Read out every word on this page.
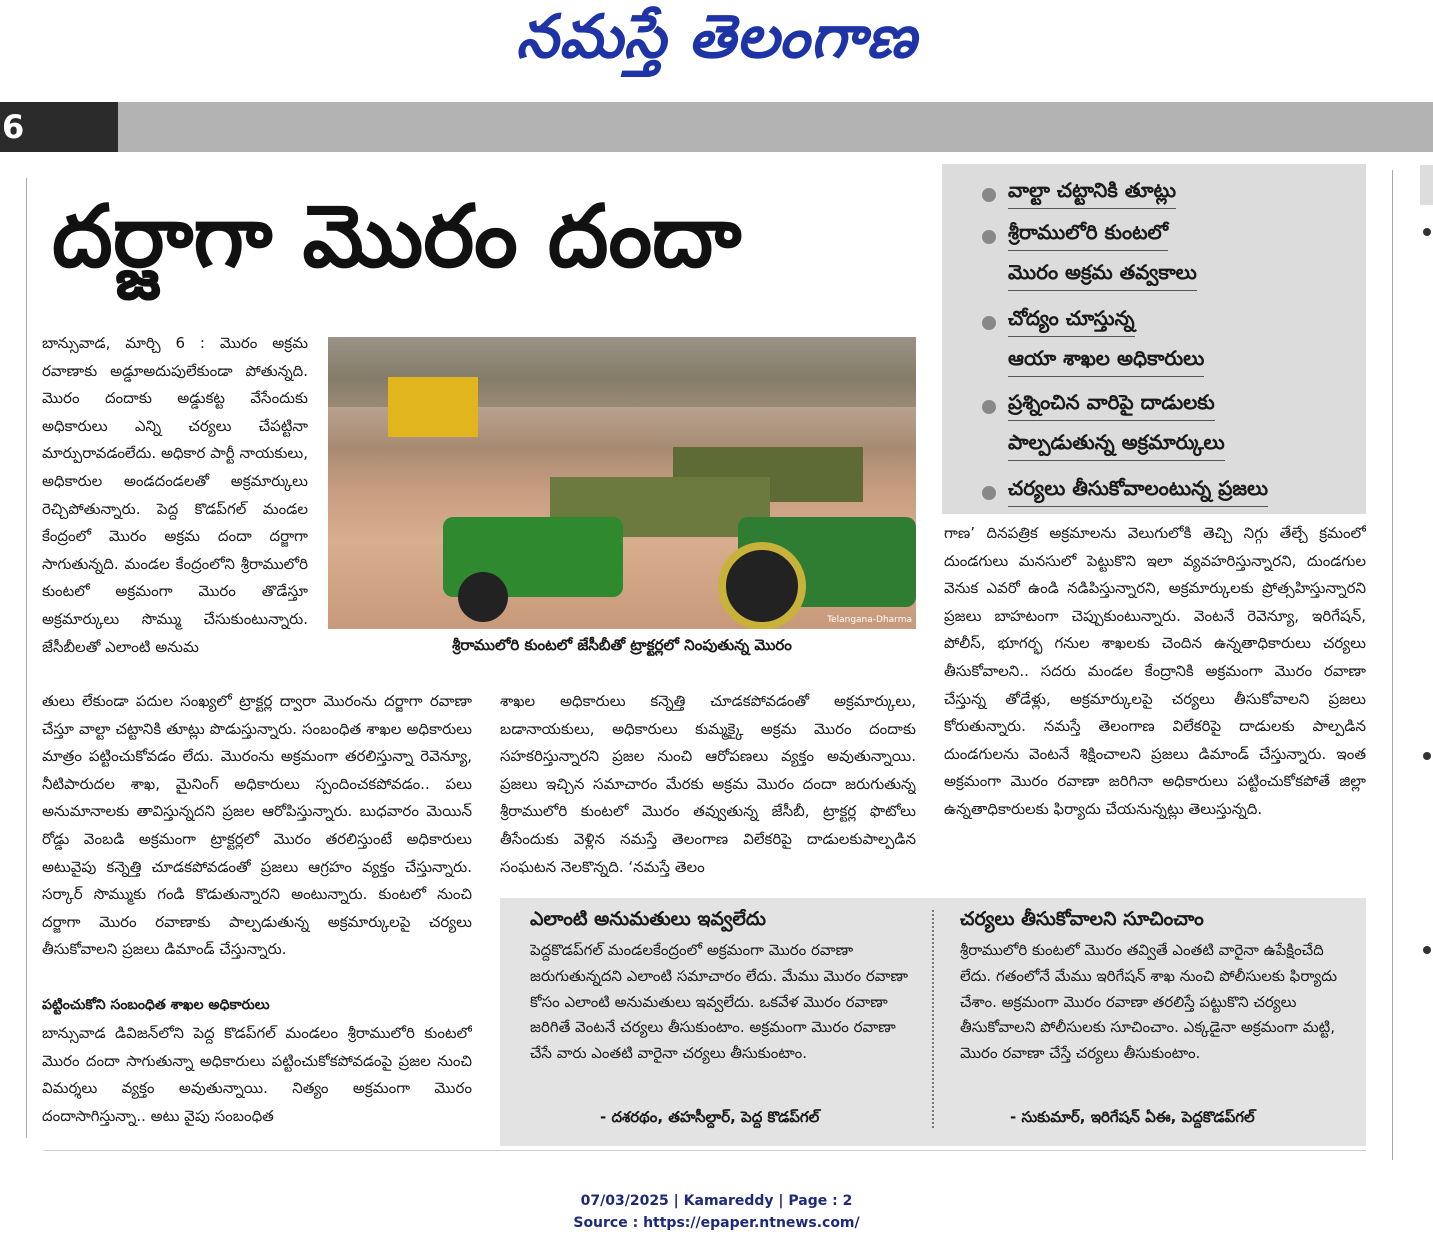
నమస్తే తెలంగాణ
6
దర్జాగా మొరం దందా

బాన్సువాడ, మార్చి 6 : మొరం అక్రమ రవాణాకు అడ్డూఅదుపులేకుండా పోతున్నది. మొరం దందాకు అడ్డుకట్ట వేసేందుకు అధికారులు ఎన్ని చర్యలు చేపట్టినా మార్పురావడంలేదు. అధికార పార్టీ నాయకులు, అధికారుల అండదండలతో అక్రమార్కులు రెచ్చిపోతున్నారు. పెద్ద కొడప్‌గల్ మండల కేంద్రంలో మొరం అక్రమ దందా దర్జాగా సాగుతున్నది. మండల కేంద్రంలోని శ్రీరాములోరి కుంటలో అక్రమంగా మొరం తొడేస్తూ అక్రమార్కులు సొమ్ము చేసుకుంటున్నారు. జేసీబీలతో ఎలాంటి అనుమ

Telangana-Dharma
శ్రీరాములోరి కుంటలో జేసీబీతో ట్రాక్టర్లలో నింపుతున్న మొరం

తులు లేకుండా పదుల సంఖ్యలో ట్రాక్టర్ల ద్వారా మొరంను దర్జాగా రవాణా చేస్తూ వాల్టా చట్టానికి తూట్లు పొడుస్తున్నారు. సంబంధిత శాఖల అధికారులు మాత్రం పట్టించుకోవడం లేదు. మొరంను అక్రమంగా తరలిస్తున్నా రెవెన్యూ, నీటిపారుదల శాఖ, మైనింగ్ అధికారులు స్పందించకపోవడం.. పలు అనుమానాలకు తావిస్తున్నదని ప్రజల ఆరోపిస్తున్నారు. బుధవారం మెయిన్ రోడ్డు వెంబడి అక్రమంగా ట్రాక్టర్లలో మొరం తరలిస్తుంటే అధికారులు అటువైపు కన్నెత్తి చూడకపోవడంతో ప్రజలు ఆగ్రహం వ్యక్తం చేస్తున్నారు. సర్కార్ సొమ్ముకు గండి కొడుతున్నారని అంటున్నారు. కుంటలో నుంచి దర్జాగా మొరం రవాణాకు పాల్పడుతున్న అక్రమార్కులపై చర్యలు తీసుకోవాలని ప్రజలు డిమాండ్ చేస్తున్నారు.

పట్టించుకోని సంబంధిత శాఖల అధికారులు

బాన్సువాడ డివిజన్‌లోని పెద్ద కొడప్‌గల్ మండలం శ్రీరాములోరి కుంటలో మొరం దందా సాగుతున్నా అధికారులు పట్టించుకోకపోవడంపై ప్రజల నుంచి విమర్శలు వ్యక్తం అవుతున్నాయి. నిత్యం అక్రమంగా మొరం దందాసాగిస్తున్నా.. అటు వైపు సంబంధిత

శాఖల అధికారులు కన్నెత్తి చూడకపోవడంతో అక్రమార్కులు, బడానాయకులు, అధికారులు కుమ్మక్కై అక్రమ మొరం దందాకు సహకరిస్తున్నారని ప్రజల నుంచి ఆరోపణలు వ్యక్తం అవుతున్నాయి. ప్రజలు ఇచ్చిన సమాచారం మేరకు అక్రమ మొరం దందా జరుగుతున్న శ్రీరాములోరి కుంటలో మొరం తవ్వుతున్న జేసీబీ, ట్రాక్టర్ల ఫొటోలు తీసేందుకు వెళ్లిన నమస్తే తెలంగాణ విలేకరిపై దాడులకుపాల్పడిన సంఘటన నెలకొన్నది. ‘నమస్తే తెలం

వాల్టా చట్టానికి తూట్లు
శ్రీరాములోరి కుంటలో
మొరం అక్రమ తవ్వకాలు
చోద్యం చూస్తున్న
ఆయా శాఖల అధికారులు
ప్రశ్నించిన వారిపై దాడులకు
పాల్పడుతున్న అక్రమార్కులు
చర్యలు తీసుకోవాలంటున్న ప్రజలు

గాణ’ దినపత్రిక అక్రమాలను వెలుగులోకి తెచ్చి నిగ్గు తేల్చే క్రమంలో దుండగులు మనసులో పెట్టుకొని ఇలా వ్యవహరిస్తున్నారని, దుండగుల వెనుక ఎవరో ఉండి నడిపిస్తున్నారని, అక్రమార్కులకు ప్రోత్సహిస్తున్నారని ప్రజలు బాహటంగా చెప్పుకుంటున్నారు. వెంటనే రెవెన్యూ, ఇరిగేషన్, పోలీస్, భూగర్భ గనుల శాఖలకు చెందిన ఉన్నతాధికారులు చర్యలు తీసుకోవాలని.. సదరు మండల కేంద్రానికి అక్రమంగా మొరం రవాణా చేస్తున్న తోడేళ్లు, అక్రమార్కులపై చర్యలు తీసుకోవాలని ప్రజలు కోరుతున్నారు. నమస్తే తెలంగాణ విలేకరిపై దాడులకు పాల్పడిన దుండగులను వెంటనే శిక్షించాలని ప్రజలు డిమాండ్ చేస్తున్నారు. ఇంత అక్రమంగా మొరం రవాణా జరిగినా అధికారులు పట్టించుకోకపోతే జిల్లా ఉన్నతాధికారులకు ఫిర్యాదు చేయనున్నట్లు తెలుస్తున్నది.

ఎలాంటి అనుమతులు ఇవ్వలేదు
పెద్దకొడప్‌గల్ మండలకేంద్రంలో అక్రమంగా మొరం రవాణా జరుగుతున్నదని ఎలాంటి సమాచారం లేదు. మేము మొరం రవాణా కోసం ఎలాంటి అనుమతులు ఇవ్వలేదు. ఒకవేళ మొరం రవాణా జరిగితే వెంటనే చర్యలు తీసుకుంటాం. అక్రమంగా మొరం రవాణా చేసే వారు ఎంతటి వారైనా చర్యలు తీసుకుంటాం.
- దశరథం, తహసీల్దార్, పెద్ద కొడప్‌గల్
చర్యలు తీసుకోవాలని సూచించాం
శ్రీరాములోరి కుంటలో మొరం తవ్వితే ఎంతటి వారైనా ఉపేక్షించేది లేదు. గతంలోనే మేము ఇరిగేషన్ శాఖ నుంచి పోలీసులకు ఫిర్యాదు చేశాం. అక్రమంగా మొరం రవాణా తరలిస్తే పట్టుకొని చర్యలు తీసుకోవాలని పోలీసులకు సూచించాం. ఎక్కడైనా అక్రమంగా మట్టి, మొరం రవాణా చేస్తే చర్యలు తీసుకుంటాం.
- సుకుమార్, ఇరిగేషన్ ఏఈ, పెద్దకొడప్‌గల్
07/03/2025 | Kamareddy | Page : 2
Source : https://epaper.ntnews.com/
